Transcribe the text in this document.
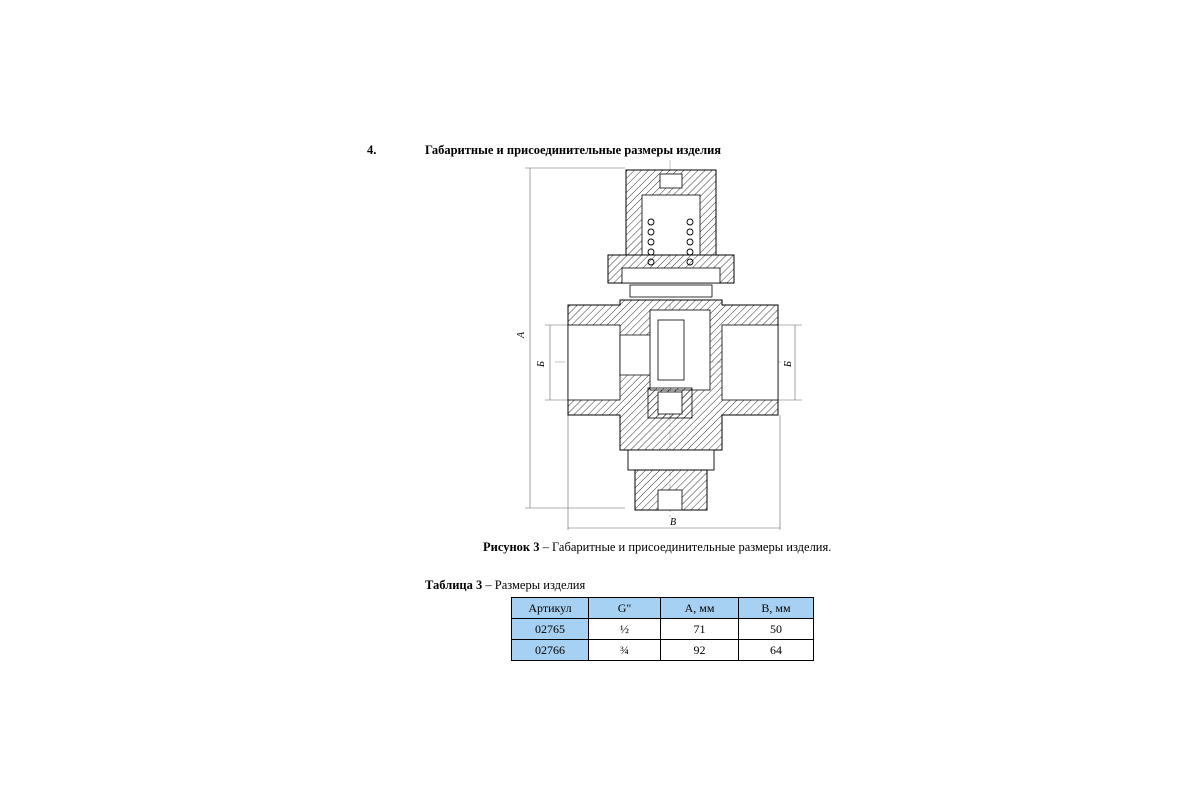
4.	Габаритные и присоединительные размеры изделия
A
Б	Б
В
Рисунок 3 – Габаритные и присоединительные размеры изделия.
Таблица 3 – Размеры изделия
Артикул	G"	A, мм	B, мм
02765	½	71	50
02766	¾	92	64
